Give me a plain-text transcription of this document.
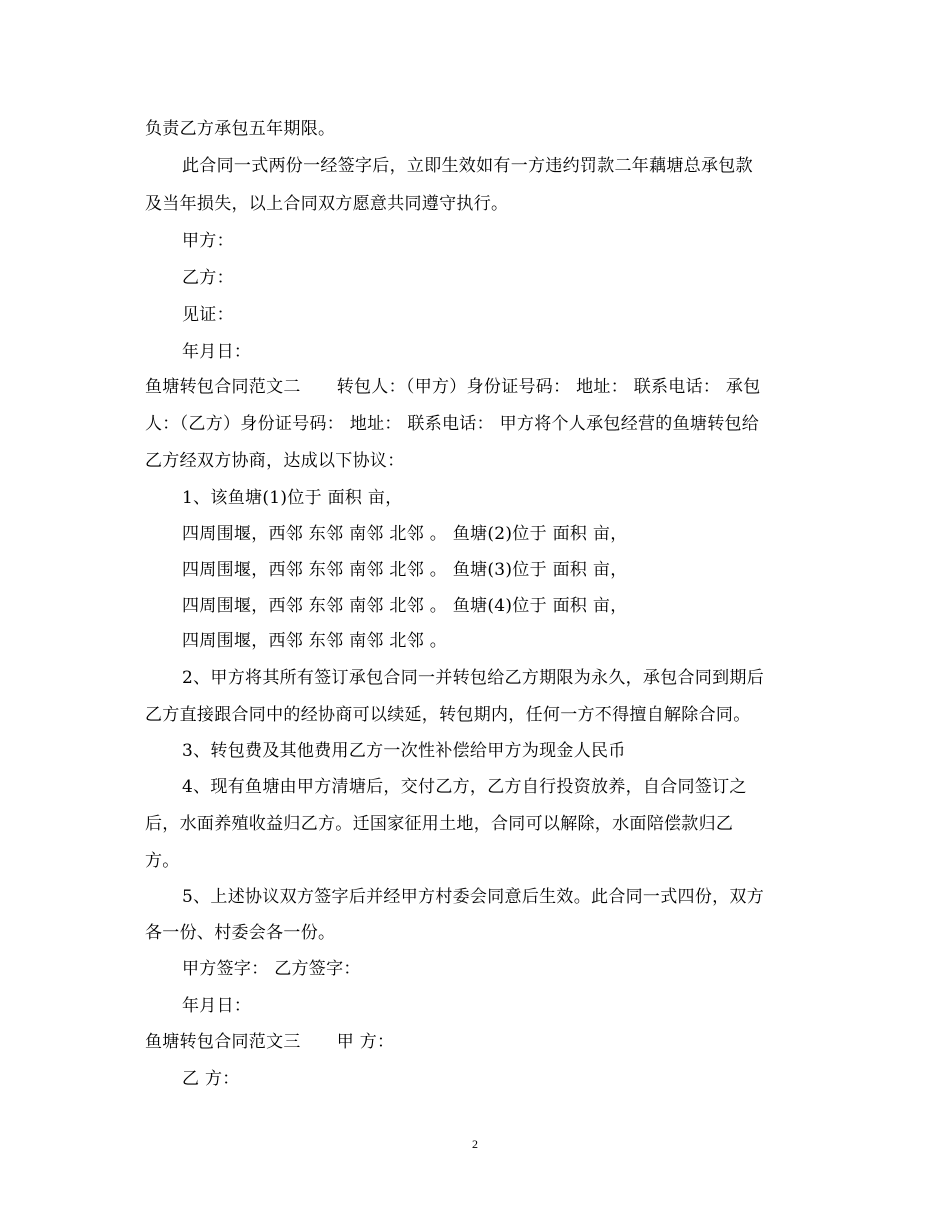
负责乙方承包五年期限。
此合同一式两份一经签字后，立即生效如有一方违约罚款二年藕塘总承包款
及当年损失，以上合同双方愿意共同遵守执行。
甲方：
乙方：
见证：
年月日：
鱼塘转包合同范文二 转包人：（甲方）身份证号码： 地址： 联系电话： 承包
人：（乙方）身份证号码： 地址： 联系电话： 甲方将个人承包经营的鱼塘转包给
乙方经双方协商，达成以下协议：
1、该鱼塘(1)位于 面积 亩，
四周围堰，西邻 东邻 南邻 北邻 。 鱼塘(2)位于 面积 亩，
四周围堰，西邻 东邻 南邻 北邻 。 鱼塘(3)位于 面积 亩，
四周围堰，西邻 东邻 南邻 北邻 。 鱼塘(4)位于 面积 亩，
四周围堰，西邻 东邻 南邻 北邻 。
2、甲方将其所有签订承包合同一并转包给乙方期限为永久，承包合同到期后
乙方直接跟合同中的经协商可以续延，转包期内，任何一方不得擅自解除合同。
3、转包费及其他费用乙方一次性补偿给甲方为现金人民币
4、现有鱼塘由甲方清塘后，交付乙方，乙方自行投资放养，自合同签订之
后，水面养殖收益归乙方。迁国家征用土地，合同可以解除，水面陪偿款归乙
方。
5、上述协议双方签字后并经甲方村委会同意后生效。此合同一式四份，双方
各一份、村委会各一份。
甲方签字： 乙方签字：
年月日：
鱼塘转包合同范文三 甲 方：
乙 方：
2
